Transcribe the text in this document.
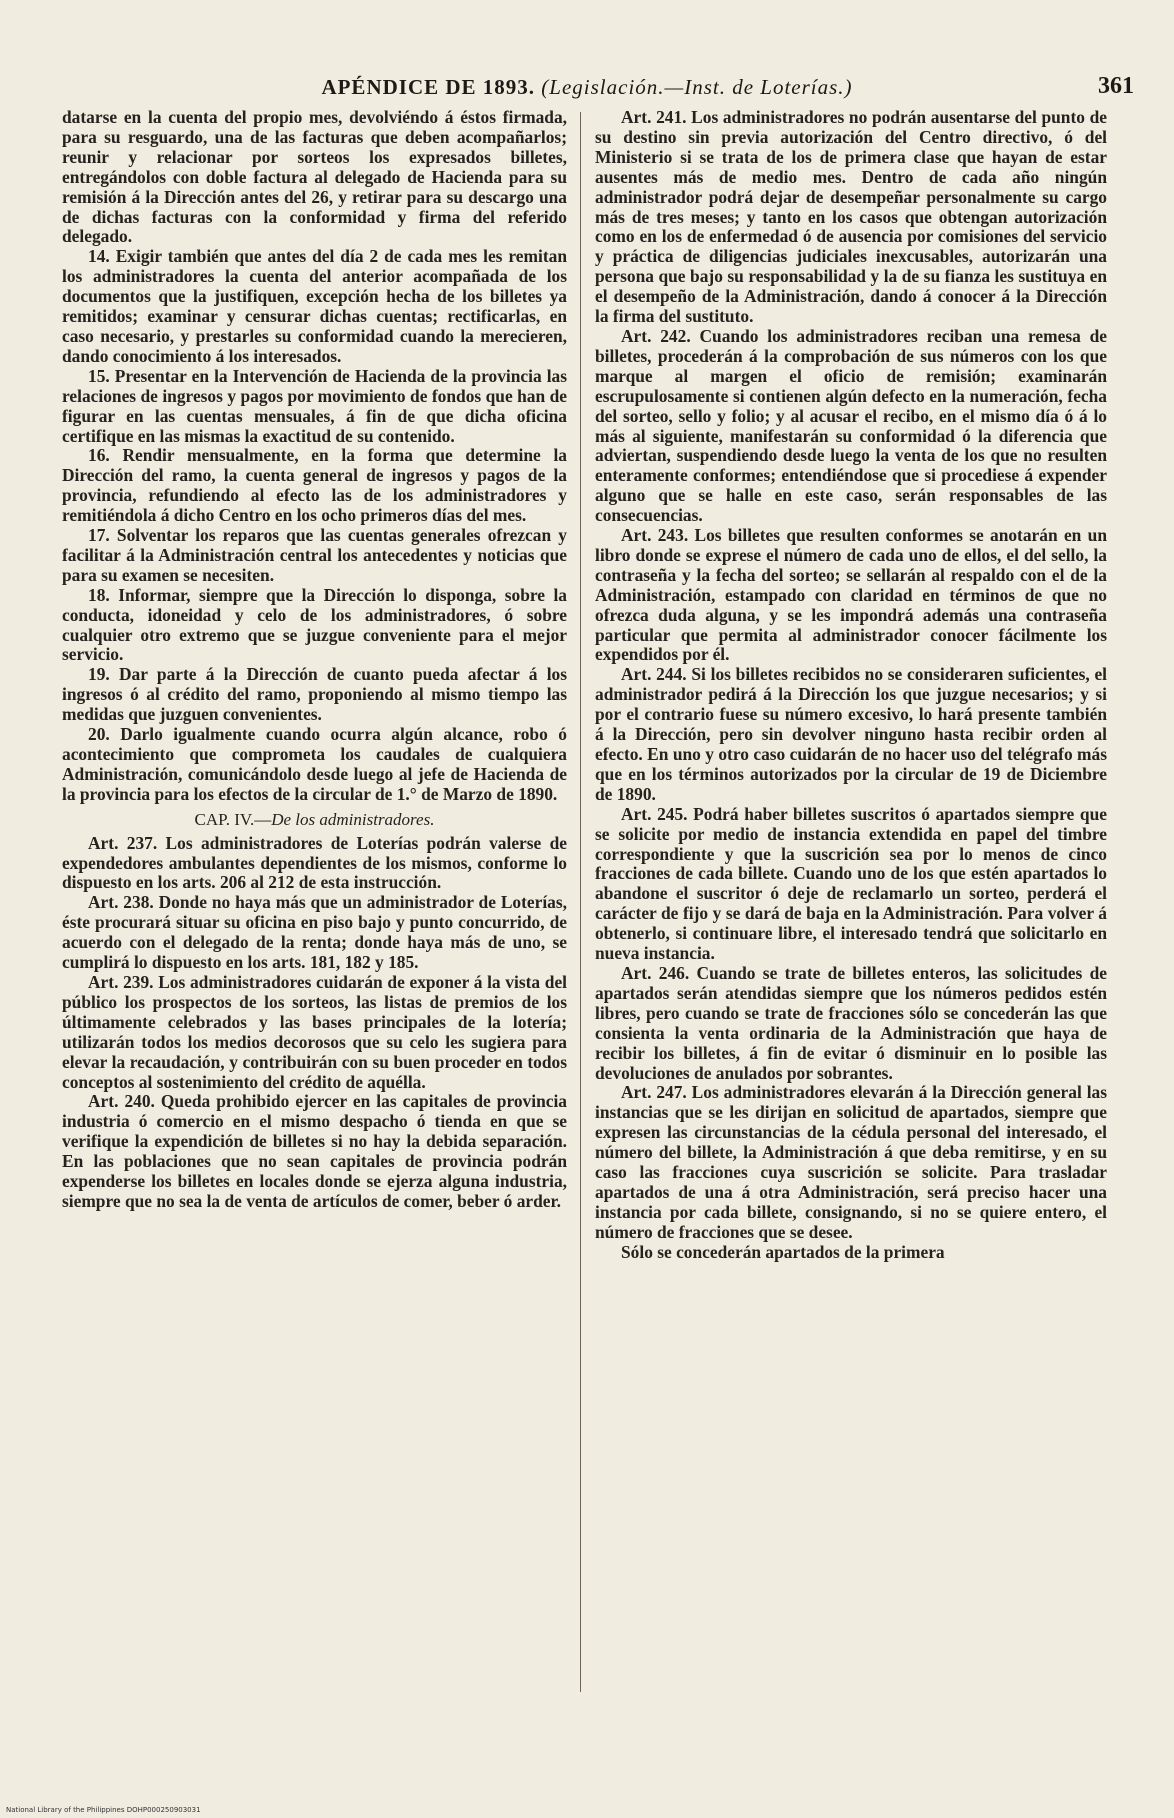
APÉNDICE DE 1893. (Legislación.—Inst. de Loterías.)	361

datarse en la cuenta del propio mes, devolviéndo á éstos firmada, para su resguardo, una de las facturas que deben acompañarlos; reunir y relacionar por sorteos los expresados billetes, entregándolos con doble factura al delegado de Hacienda para su remisión á la Dirección antes del 26, y retirar para su descargo una de dichas facturas con la conformidad y firma del referido delegado.

14. Exigir también que antes del día 2 de cada mes les remitan los administradores la cuenta del anterior acompañada de los documentos que la justifiquen, excepción hecha de los billetes ya remitidos; examinar y censurar dichas cuentas; rectificarlas, en caso necesario, y prestarles su conformidad cuando la merecieren, dando conocimiento á los interesados.

15. Presentar en la Intervención de Hacienda de la provincia las relaciones de ingresos y pagos por movimiento de fondos que han de figurar en las cuentas mensuales, á fin de que dicha oficina certifique en las mismas la exactitud de su contenido.

16. Rendir mensualmente, en la forma que determine la Dirección del ramo, la cuenta general de ingresos y pagos de la provincia, refundiendo al efecto las de los administradores y remitiéndola á dicho Centro en los ocho primeros días del mes.

17. Solventar los reparos que las cuentas generales ofrezcan y facilitar á la Administración central los antecedentes y noticias que para su examen se necesiten.

18. Informar, siempre que la Dirección lo disponga, sobre la conducta, idoneidad y celo de los administradores, ó sobre cualquier otro extremo que se juzgue conveniente para el mejor servicio.

19. Dar parte á la Dirección de cuanto pueda afectar á los ingresos ó al crédito del ramo, proponiendo al mismo tiempo las medidas que juzguen convenientes.

20. Darlo igualmente cuando ocurra algún alcance, robo ó acontecimiento que comprometa los caudales de cualquiera Administración, comunicándolo desde luego al jefe de Hacienda de la provincia para los efectos de la circular de 1.° de Marzo de 1890.

CAP. IV.—De los administradores.

Art. 237. Los administradores de Loterías podrán valerse de expendedores ambulantes dependientes de los mismos, conforme lo dispuesto en los arts. 206 al 212 de esta instrucción.

Art. 238. Donde no haya más que un administrador de Loterías, éste procurará situar su oficina en piso bajo y punto concurrido, de acuerdo con el delegado de la renta; donde haya más de uno, se cumplirá lo dispuesto en los arts. 181, 182 y 185.

Art. 239. Los administradores cuidarán de exponer á la vista del público los prospectos de los sorteos, las listas de premios de los últimamente celebrados y las bases principales de la lotería; utilizarán todos los medios decorosos que su celo les sugiera para elevar la recaudación, y contribuirán con su buen proceder en todos conceptos al sostenimiento del crédito de aquélla.

Art. 240. Queda prohibido ejercer en las capitales de provincia industria ó comercio en el mismo despacho ó tienda en que se verifique la expendición de billetes si no hay la debida separación. En las poblaciones que no sean capitales de provincia podrán expenderse los billetes en locales donde se ejerza alguna industria, siempre que no sea la de venta de artículos de comer, beber ó arder.

Art. 241. Los administradores no podrán ausentarse del punto de su destino sin previa autorización del Centro directivo, ó del Ministerio si se trata de los de primera clase que hayan de estar ausentes más de medio mes. Dentro de cada año ningún administrador podrá dejar de desempeñar personalmente su cargo más de tres meses; y tanto en los casos que obtengan autorización como en los de enfermedad ó de ausencia por comisiones del servicio y práctica de diligencias judiciales inexcusables, autorizarán una persona que bajo su responsabilidad y la de su fianza les sustituya en el desempeño de la Administración, dando á conocer á la Dirección la firma del sustituto.

Art. 242. Cuando los administradores reciban una remesa de billetes, procederán á la comprobación de sus números con los que marque al margen el oficio de remisión; examinarán escrupulosamente si contienen algún defecto en la numeración, fecha del sorteo, sello y folio; y al acusar el recibo, en el mismo día ó á lo más al siguiente, manifestarán su conformidad ó la diferencia que adviertan, suspendiendo desde luego la venta de los que no resulten enteramente conformes; entendiéndose que si procediese á expender alguno que se halle en este caso, serán responsables de las consecuencias.

Art. 243. Los billetes que resulten conformes se anotarán en un libro donde se exprese el número de cada uno de ellos, el del sello, la contraseña y la fecha del sorteo; se sellarán al respaldo con el de la Administración, estampado con claridad en términos de que no ofrezca duda alguna, y se les impondrá además una contraseña particular que permita al administrador conocer fácilmente los expendidos por él.

Art. 244. Si los billetes recibidos no se consideraren suficientes, el administrador pedirá á la Dirección los que juzgue necesarios; y si por el contrario fuese su número excesivo, lo hará presente también á la Dirección, pero sin devolver ninguno hasta recibir orden al efecto. En uno y otro caso cuidarán de no hacer uso del telégrafo más que en los términos autorizados por la circular de 19 de Diciembre de 1890.

Art. 245. Podrá haber billetes suscritos ó apartados siempre que se solicite por medio de instancia extendida en papel del timbre correspondiente y que la suscrición sea por lo menos de cinco fracciones de cada billete. Cuando uno de los que estén apartados lo abandone el suscritor ó deje de reclamarlo un sorteo, perderá el carácter de fijo y se dará de baja en la Administración. Para volver á obtenerlo, si continuare libre, el interesado tendrá que solicitarlo en nueva instancia.

Art. 246. Cuando se trate de billetes enteros, las solicitudes de apartados serán atendidas siempre que los números pedidos estén libres, pero cuando se trate de fracciones sólo se concederán las que consienta la venta ordinaria de la Administración que haya de recibir los billetes, á fin de evitar ó disminuir en lo posible las devoluciones de anulados por sobrantes.

Art. 247. Los administradores elevarán á la Dirección general las instancias que se les dirijan en solicitud de apartados, siempre que expresen las circunstancias de la cédula personal del interesado, el número del billete, la Administración á que deba remitirse, y en su caso las fracciones cuya suscrición se solicite. Para trasladar apartados de una á otra Administración, será preciso hacer una instancia por cada billete, consignando, si no se quiere entero, el número de fracciones que se desee.

Sólo se concederán apartados de la primera

National Library of the Philippines DOHP000250903031
